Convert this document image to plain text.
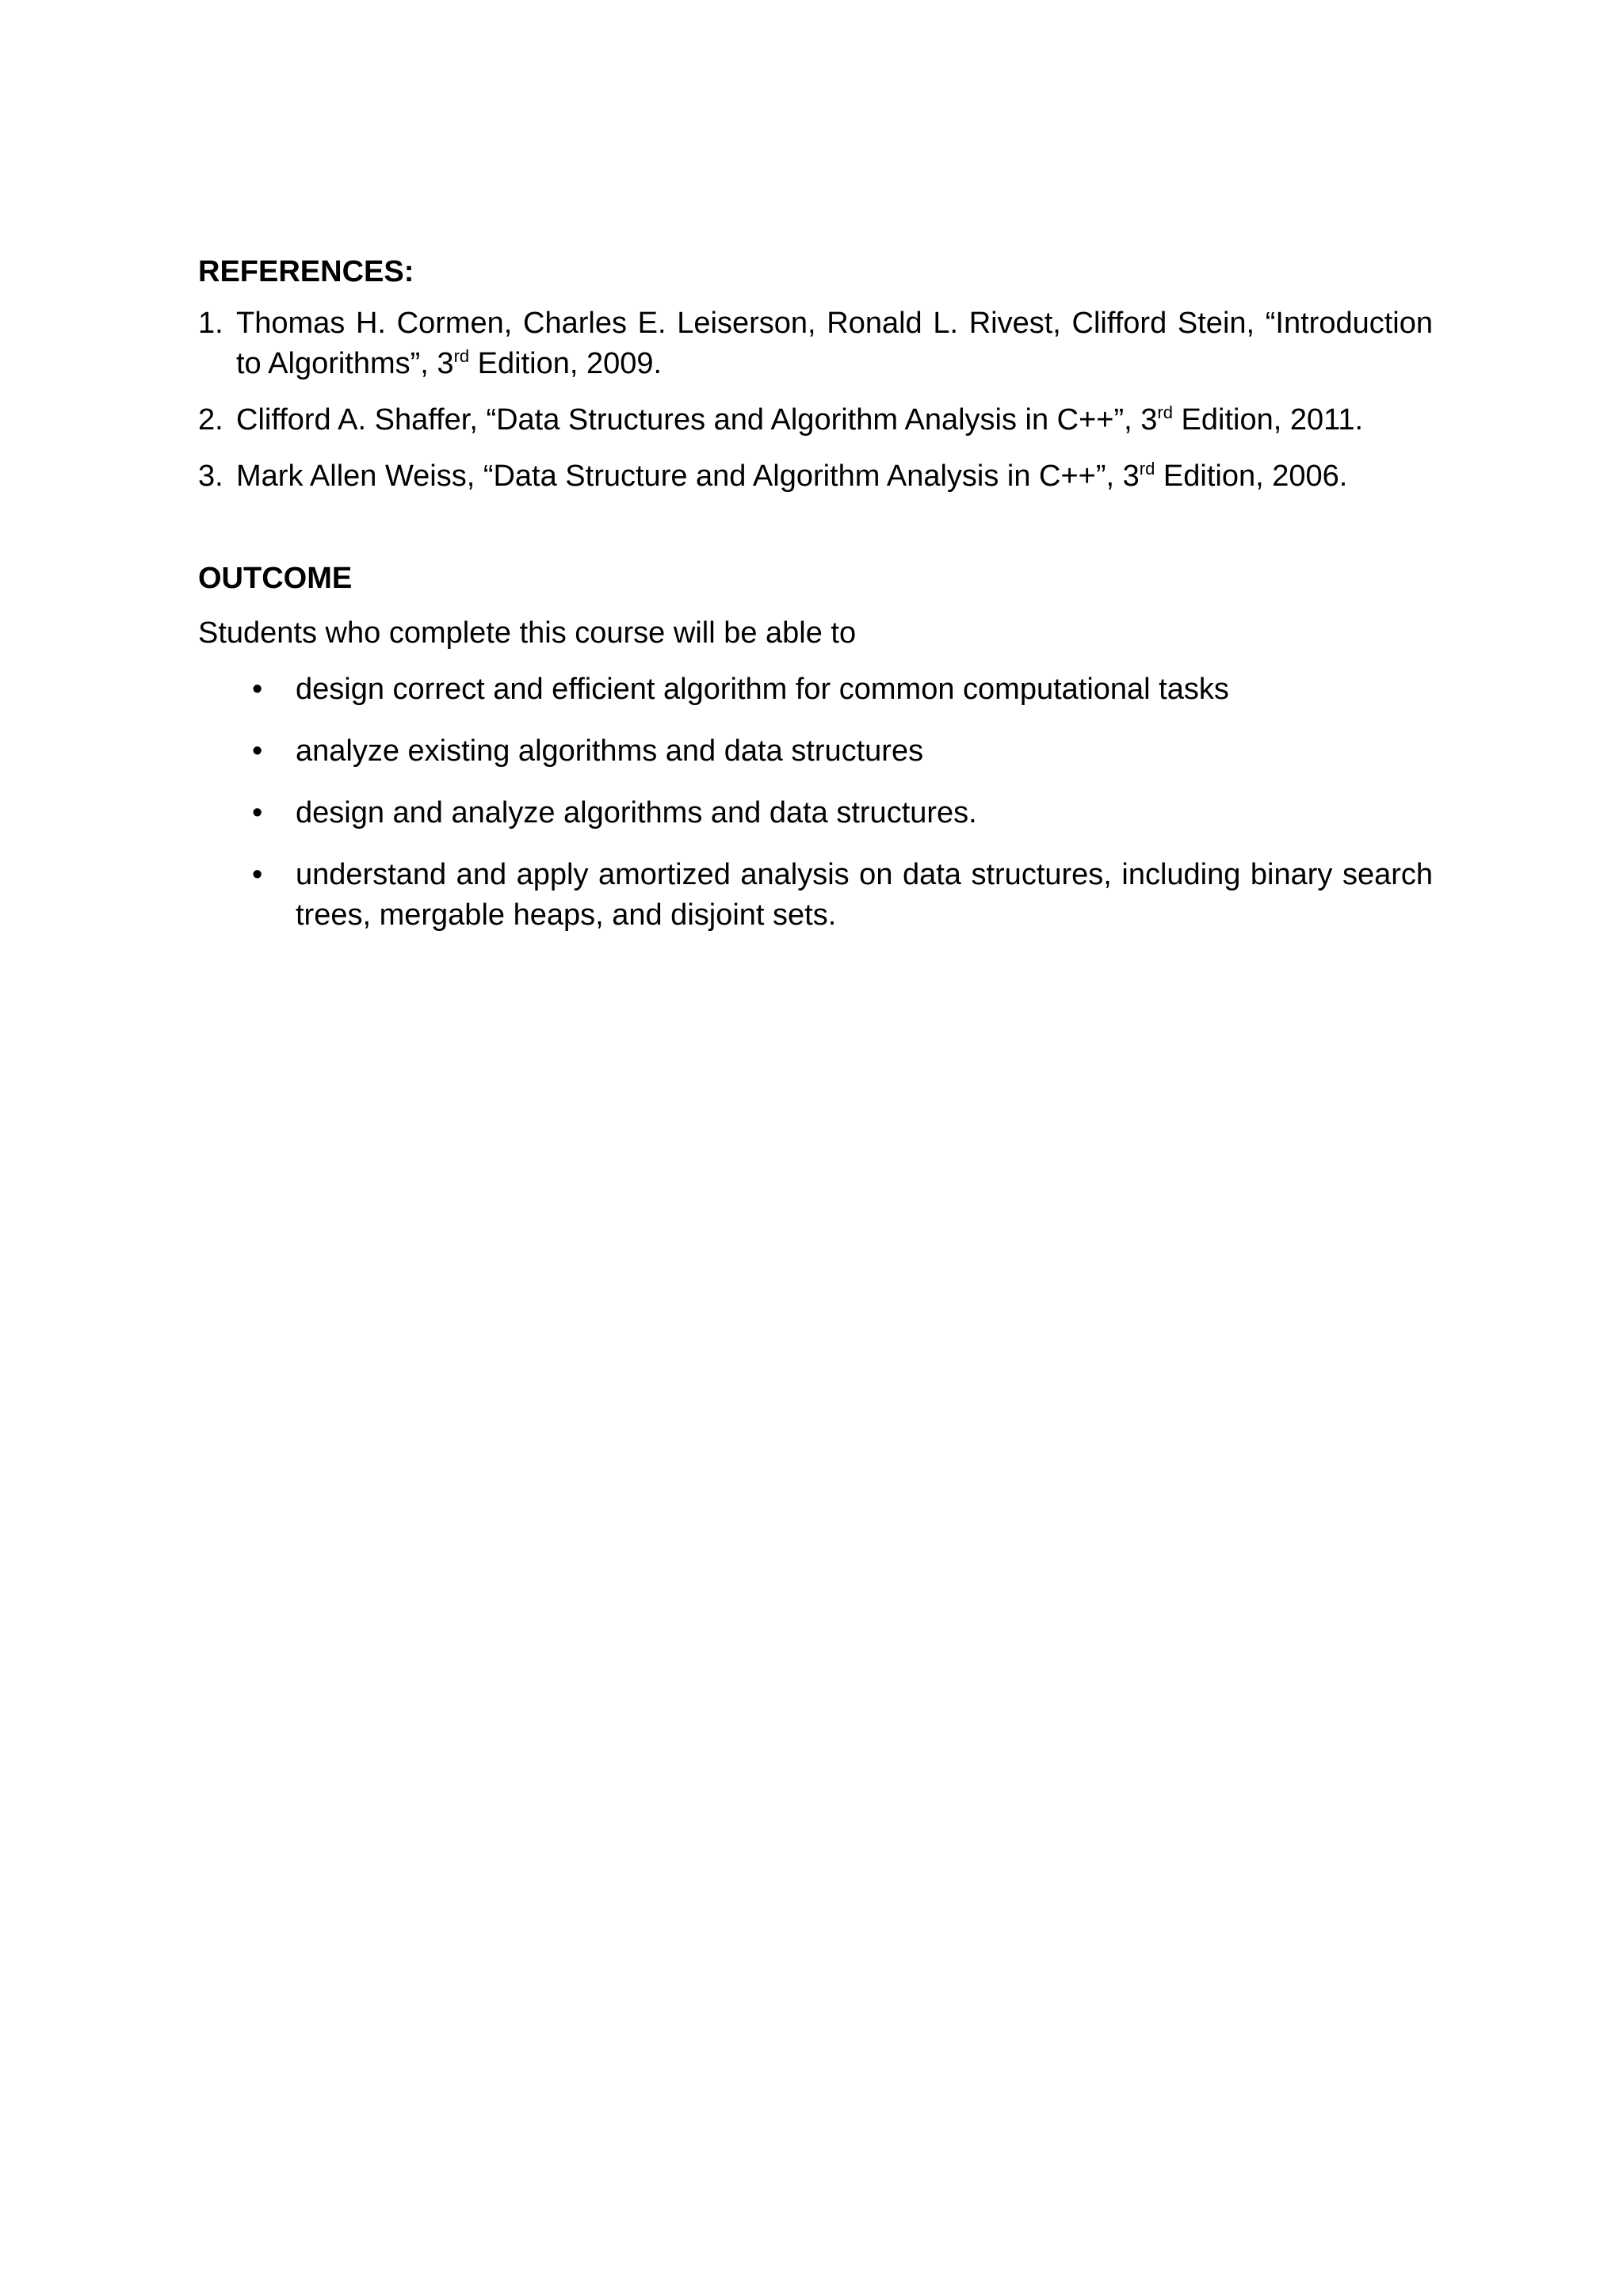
REFERENCES:
1. Thomas H. Cormen, Charles E. Leiserson, Ronald L. Rivest, Clifford Stein, “Introduction to Algorithms”, 3rd Edition, 2009.
2. Clifford A. Shaffer, “Data Structures and Algorithm Analysis in C++”, 3rd Edition, 2011.
3. Mark Allen Weiss, “Data Structure and Algorithm Analysis in C++”, 3rd Edition, 2006.
OUTCOME

Students who complete this course will be able to

• design correct and efficient algorithm for common computational tasks
• analyze existing algorithms and data structures
• design and analyze algorithms and data structures.
• understand and apply amortized analysis on data structures, including binary search trees, mergable heaps, and disjoint sets.
